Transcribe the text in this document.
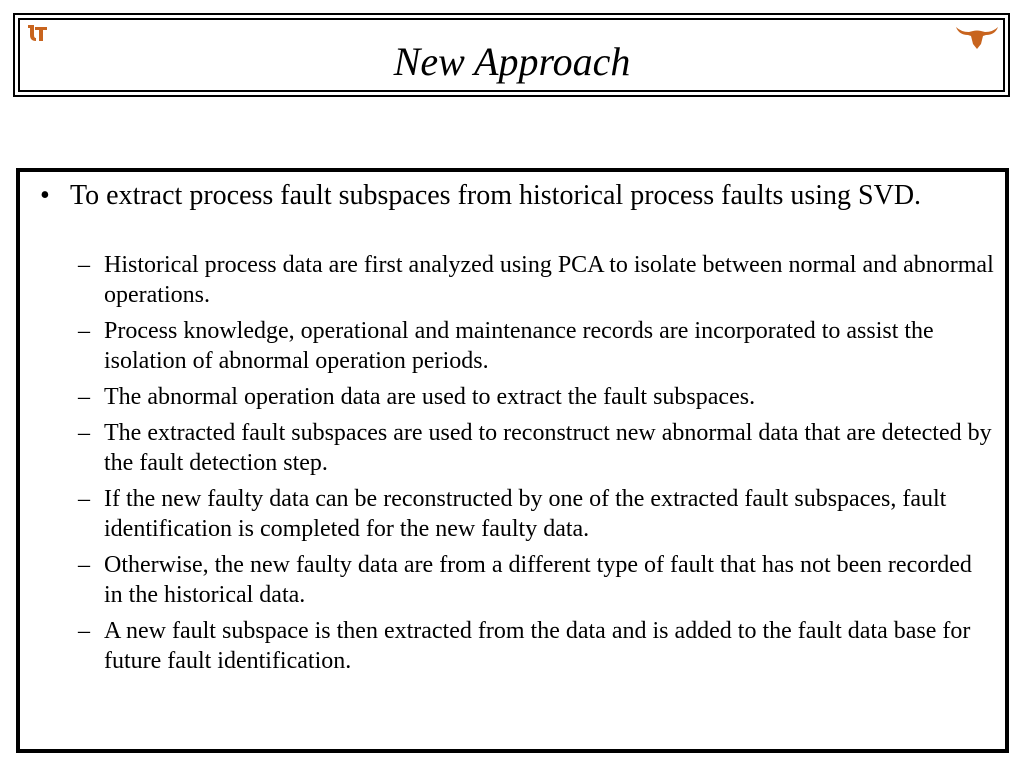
New Approach
• To extract process fault subspaces from historical process faults using SVD.
– Historical process data are first analyzed using PCA to isolate between normal and abnormal operations.
– Process knowledge, operational and maintenance records are incorporated to assist the isolation of abnormal operation periods.
– The abnormal operation data are used to extract the fault subspaces.
– The extracted fault subspaces are used to reconstruct new abnormal data that are detected by the fault detection step.
– If the new faulty data can be reconstructed by one of the extracted fault subspaces, fault identification is completed for the new faulty data.
– Otherwise, the new faulty data are from a different type of fault that has not been recorded in the historical data.
– A new fault subspace is then extracted from the data and is added to the fault data base for future fault identification.
